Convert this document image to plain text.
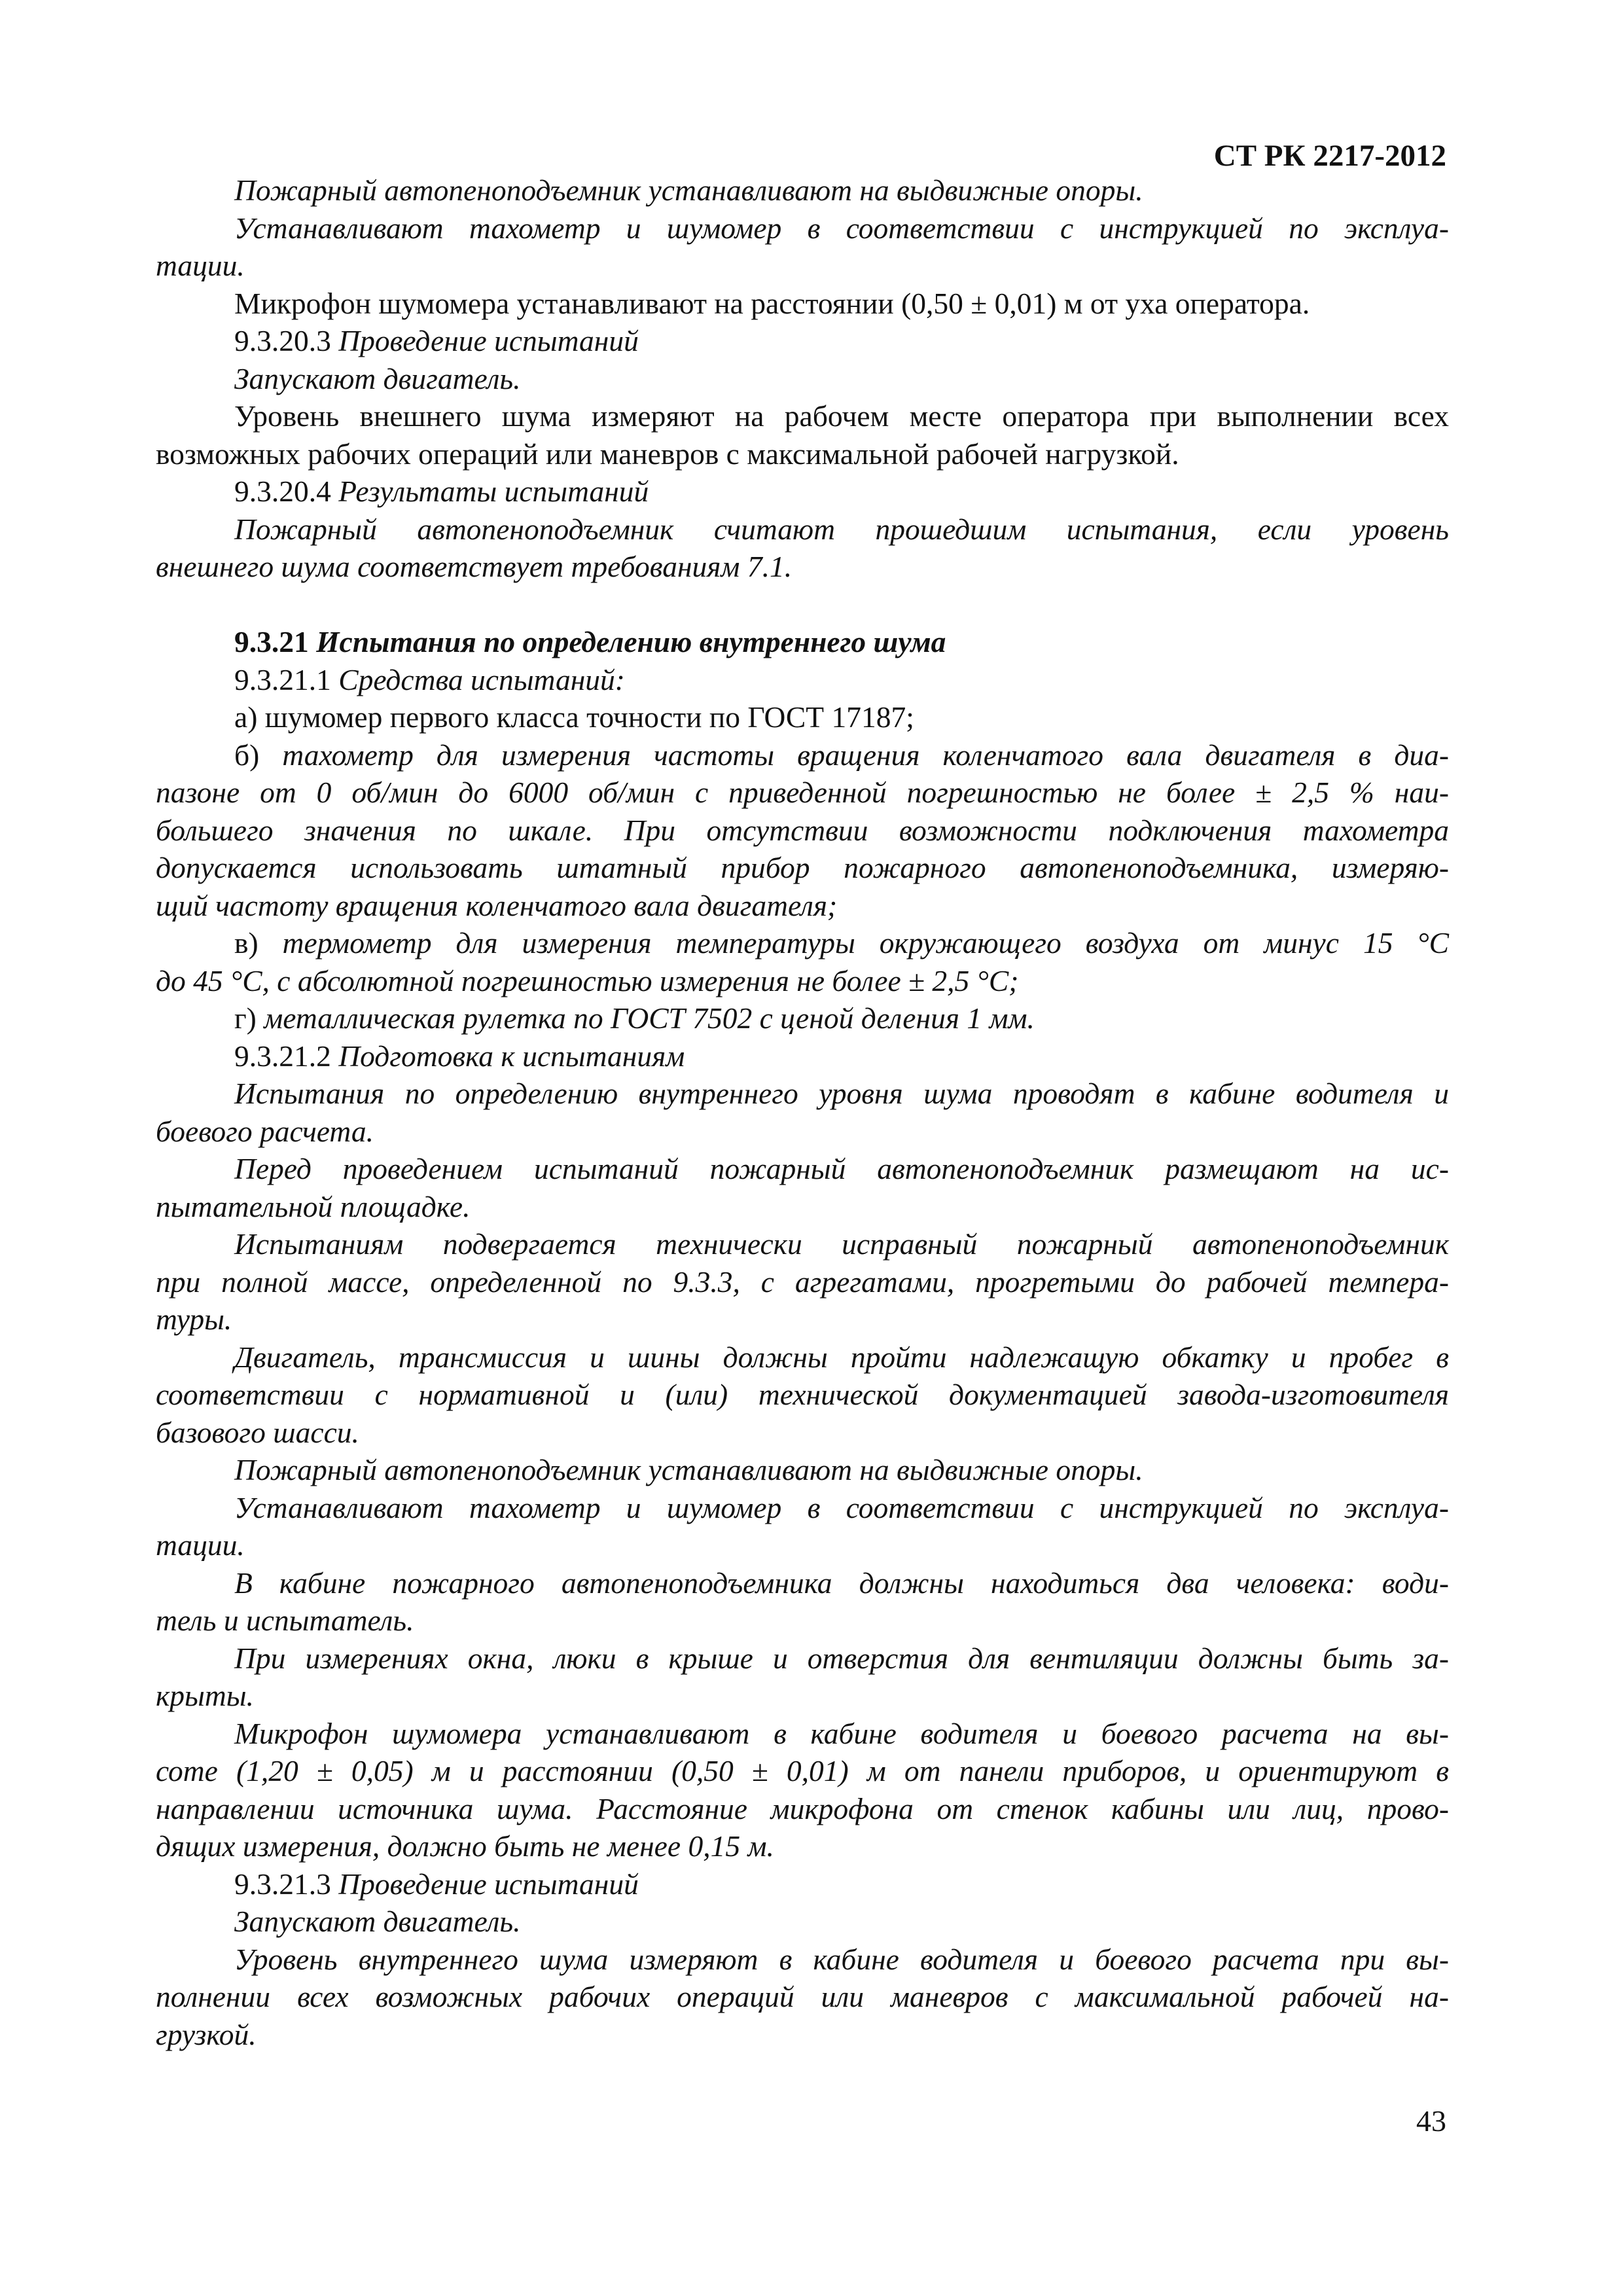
СТ РК 2217-2012
Пожарный автопеноподъемник устанавливают на выдвижные опоры.
Устанавливают тахометр и шумомер в соответствии с инструкцией по эксплуа-
тации.
Микрофон шумомера устанавливают на расстоянии (0,50 ± 0,01) м от уха оператора.
9.3.20.3 Проведение испытаний
Запускают двигатель.
Уровень внешнего шума измеряют на рабочем месте оператора при выполнении всех
возможных рабочих операций или маневров с максимальной рабочей нагрузкой.
9.3.20.4 Результаты испытаний
Пожарный автопеноподъемник считают прошедшим испытания, если уровень
внешнего шума соответствует требованиям 7.1.
9.3.21 Испытания по определению внутреннего шума
9.3.21.1 Средства испытаний:
а) шумомер первого класса точности по ГОСТ 17187;
б) тахометр для измерения частоты вращения коленчатого вала двигателя в диа-
пазоне от 0 об/мин до 6000 об/мин с приведенной погрешностью не более ± 2,5 % наи-
большего значения по шкале. При отсутствии возможности подключения тахометра
допускается использовать штатный прибор пожарного автопеноподъемника, измеряю-
щий частоту вращения коленчатого вала двигателя;
в) термометр для измерения температуры окружающего воздуха от минус 15 °С
до 45 °С, с абсолютной погрешностью измерения не более ± 2,5 °С;
г) металлическая рулетка по ГОСТ 7502 с ценой деления 1 мм.
9.3.21.2 Подготовка к испытаниям
Испытания по определению внутреннего уровня шума проводят в кабине водителя и
боевого расчета.
Перед проведением испытаний пожарный автопеноподъемник размещают на ис-
пытательной площадке.
Испытаниям подвергается технически исправный пожарный автопеноподъемник
при полной массе, определенной по 9.3.3, с агрегатами, прогретыми до рабочей темпера-
туры.
Двигатель, трансмиссия и шины должны пройти надлежащую обкатку и пробег в
соответствии с нормативной и (или) технической документацией завода-изготовителя
базового шасси.
Пожарный автопеноподъемник устанавливают на выдвижные опоры.
Устанавливают тахометр и шумомер в соответствии с инструкцией по эксплуа-
тации.
В кабине пожарного автопеноподъемника должны находиться два человека: води-
тель и испытатель.
При измерениях окна, люки в крыше и отверстия для вентиляции должны быть за-
крыты.
Микрофон шумомера устанавливают в кабине водителя и боевого расчета на вы-
соте (1,20 ± 0,05) м и расстоянии (0,50 ± 0,01) м от панели приборов, и ориентируют в
направлении источника шума. Расстояние микрофона от стенок кабины или лиц, прово-
дящих измерения, должно быть не менее 0,15 м.
9.3.21.3 Проведение испытаний
Запускают двигатель.
Уровень внутреннего шума измеряют в кабине водителя и боевого расчета при вы-
полнении всех возможных рабочих операций или маневров с максимальной рабочей на-
грузкой.
43
